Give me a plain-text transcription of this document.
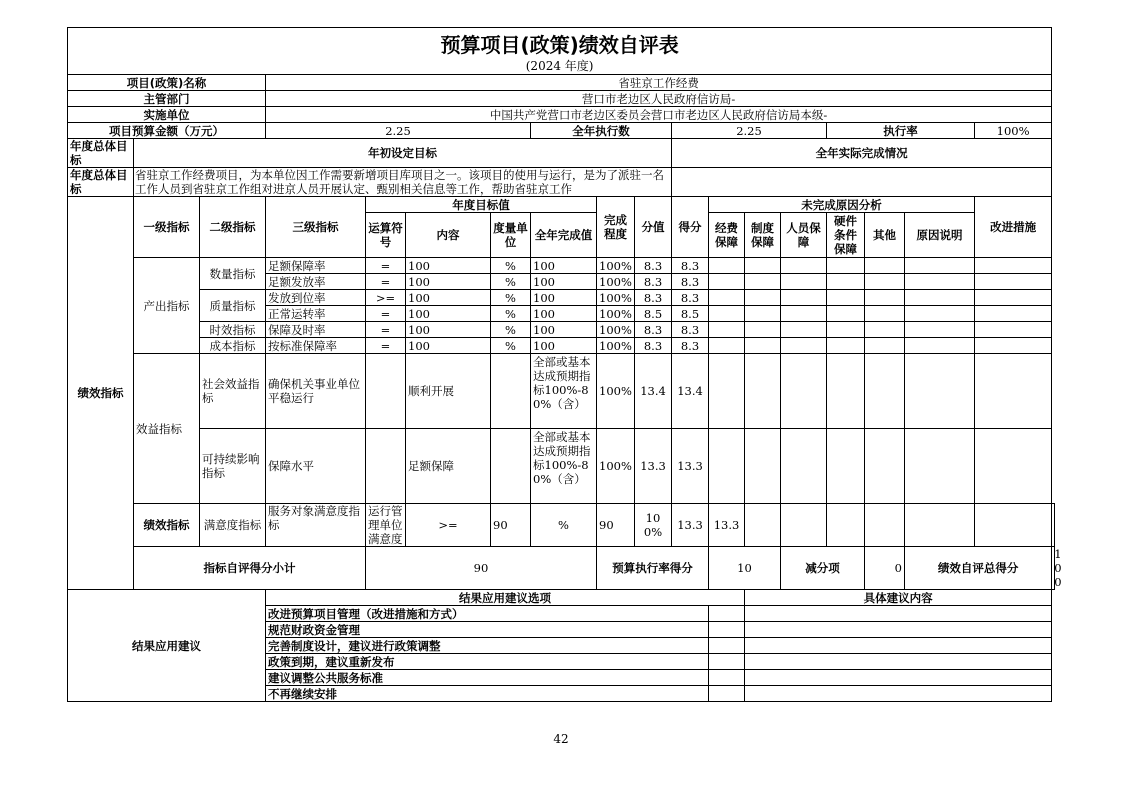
预算项目(政策)绩效自评表
(2024 年度)																		

项目(政策)名称			省驻京工作经费															
主管部门			营口市老边区人民政府信访局-															
实施单位			中国共产党营口市老边区委员会营口市老边区人民政府信访局本级-															
项目预算金额（万元）			2.25				全年执行数			2.25				执行率			100%	
年度总体目标	年初设定目标									全年实际完成情况								
年度总体目标	省驻京工作经费项目，为本单位因工作需要新增项目库项目之一。该项目的使用与运行，是为了派驻一名工作人员到省驻京工作组对进京人员开展认定、甄别相关信息等工作，帮助省驻京工作																	

绩效指标	一级指标	二级指标	三级指标	年度目标值				完成程度	分值	得分	未完成原因分析						改进措施	
				运算符号	内容	度量单位	全年完成值				经费保障	制度保障	人员保障	硬件条件保障	其他	原因说明		
	产出指标	数量指标	足额保障率	=	100	%	100	100%	8.3	8.3								
			足额发放率	=	100	%	100	100%	8.3	8.3								
		质量指标	发放到位率	>=	100	%	100	100%	8.3	8.3								
			正常运转率	=	100	%	100	100%	8.5	8.5								
		时效指标	保障及时率	=	100	%	100	100%	8.3	8.3								
		成本指标	按标准保障率	=	100	%	100	100%	8.3	8.3								
	效益指标	社会效益指标	确保机关事业单位平稳运行		顺利开展		全部或基本达成预期指标100%-80%（含）	100%	13.4	13.4								
		可持续影响指标	保障水平		足额保障		全部或基本达成预期指标100%-80%（含）	100%	13.3	13.3								
	绩效指标	满意度指标	服务对象满意度指标	运行管理单位满意度	>=	90	%	90	100%	13.3	13.3							
	指标自评得分小计			90				预算执行率得分			10		减分项		0	绩效自评总得分		100
结果应用建议			结果应用建议选项									具体建议内容						
			改进预算项目管理（改进措施和方式）															
			规范财政资金管理															
			完善制度设计，建议进行政策调整															
			政策到期，建议重新发布															
			建议调整公共服务标准															
			不再继续安排															
42
